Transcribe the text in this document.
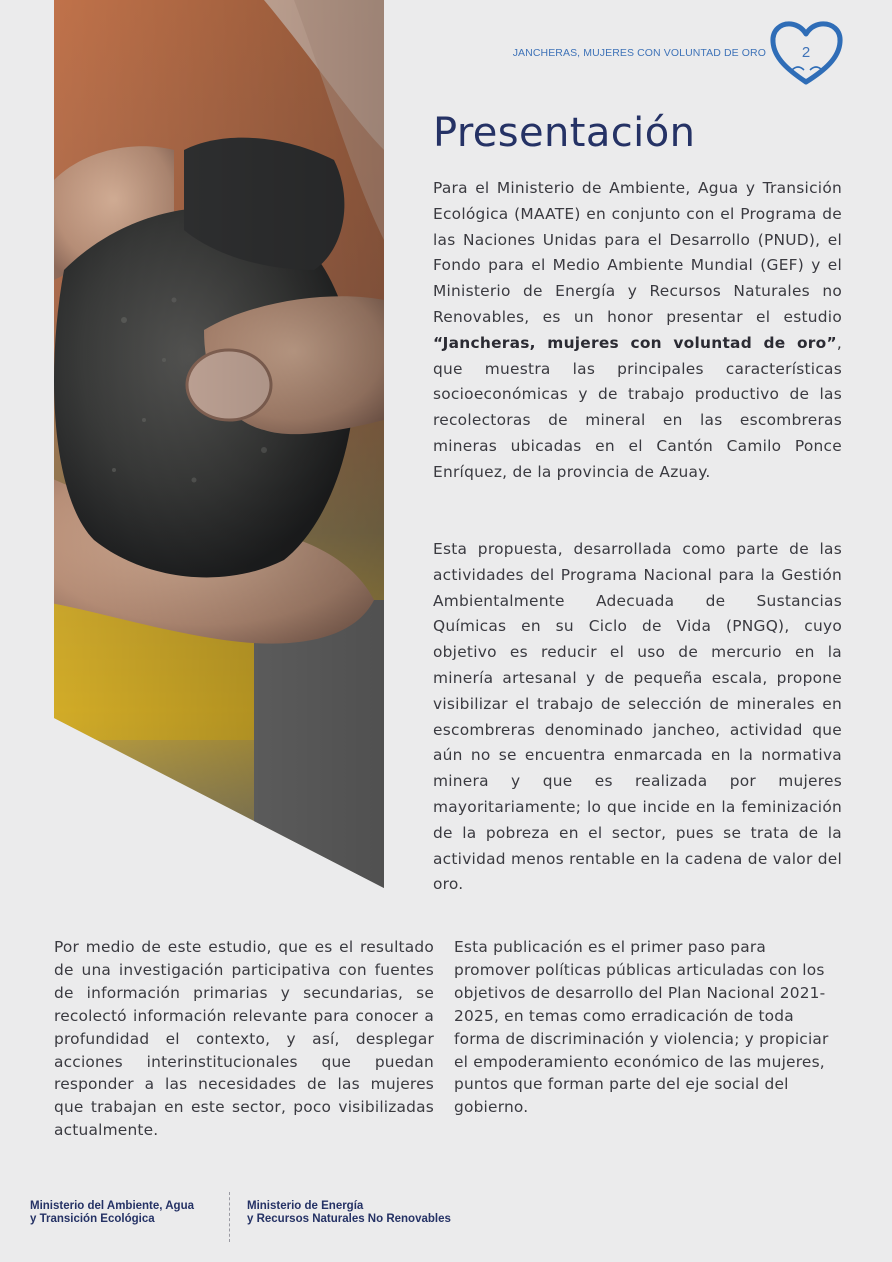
JANCHERAS, MUJERES CON VOLUNTAD DE ORO	2
Presentación

Para el Ministerio de Ambiente, Agua y Transición Ecológica (MAATE) en conjunto con el Programa de las Naciones Unidas para el Desarrollo (PNUD), el Fondo para el Medio Ambiente Mundial (GEF) y el Ministerio de Energía y Recursos Naturales no Renovables, es un honor presentar el estudio “Jancheras, mujeres con voluntad de oro”, que muestra las principales características socioeconómicas y de trabajo productivo de las recolectoras de mineral en las escombreras mineras ubicadas en el Cantón Camilo Ponce Enríquez, de la provincia de Azuay.

Esta propuesta, desarrollada como parte de las actividades del Programa Nacional para la Gestión Ambientalmente Adecuada de Sustancias Químicas en su Ciclo de Vida (PNGQ), cuyo objetivo es reducir el uso de mercurio en la minería artesanal y de pequeña escala, propone visibilizar el trabajo de selección de minerales en escombreras denominado jancheo, actividad que aún no se encuentra enmarcada en la normativa minera y que es realizada por mujeres mayoritariamente; lo que incide en la feminización de la pobreza en el sector, pues se trata de la actividad menos rentable en la cadena de valor del oro.

Por medio de este estudio, que es el resultado de una investigación participativa con fuentes de información primarias y secundarias, se recolectó información relevante para conocer a profundidad el contexto, y así, desplegar acciones interinstitucionales que puedan responder a las necesidades de las mujeres que trabajan en este sector, poco visibilizadas actualmente.

Esta publicación es el primer paso para promover políticas públicas articuladas con los objetivos de desarrollo del Plan Nacional 2021-2025, en temas como erradicación de toda forma de discriminación y violencia; y propiciar el empoderamiento económico de las mujeres, puntos que forman parte del eje social del gobierno.

Ministerio del Ambiente, Agua
y Transición Ecológica
Ministerio de Energía
y Recursos Naturales No Renovables
